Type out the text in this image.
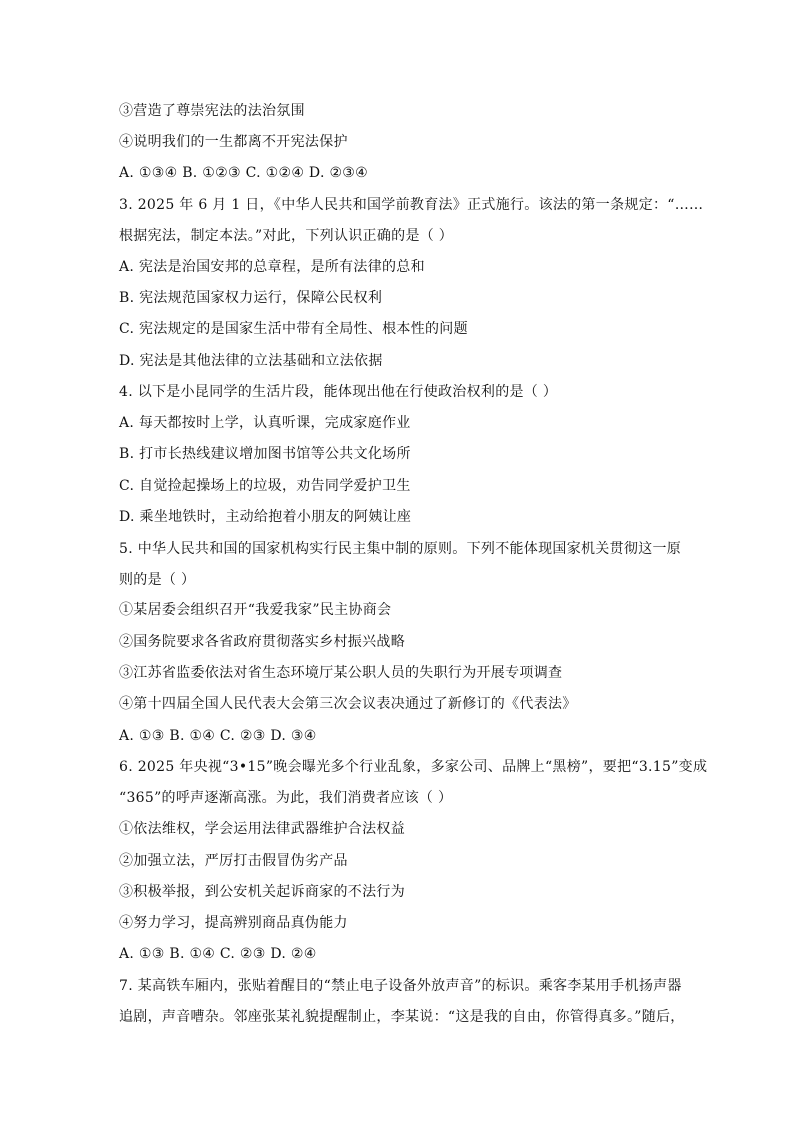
③营造了尊崇宪法的法治氛围
④说明我们的一生都离不开宪法保护
A. ①③④ B. ①②③ C. ①②④ D. ②③④
3. 2025 年 6 月 1 日，《中华人民共和国学前教育法》正式施行。该法的第一条规定：“……
根据宪法，制定本法。”对此，下列认识正确的是（ ）
A. 宪法是治国安邦的总章程，是所有法律的总和
B. 宪法规范国家权力运行，保障公民权利
C. 宪法规定的是国家生活中带有全局性、根本性的问题
D. 宪法是其他法律的立法基础和立法依据
4. 以下是小昆同学的生活片段，能体现出他在行使政治权利的是（ ）
A. 每天都按时上学，认真听课，完成家庭作业
B. 打市长热线建议增加图书馆等公共文化场所
C. 自觉捡起操场上的垃圾，劝告同学爱护卫生
D. 乘坐地铁时，主动给抱着小朋友的阿姨让座
5. 中华人民共和国的国家机构实行民主集中制的原则。下列不能体现国家机关贯彻这一原
则的是（ ）
①某居委会组织召开“我爱我家”民主协商会
②国务院要求各省政府贯彻落实乡村振兴战略
③江苏省监委依法对省生态环境厅某公职人员的失职行为开展专项调查
④第十四届全国人民代表大会第三次会议表决通过了新修订的《代表法》
A. ①③ B. ①④ C. ②③ D. ③④
6. 2025 年央视“3•15”晚会曝光多个行业乱象，多家公司、品牌上“黑榜”，要把“3.15”变成
“365”的呼声逐渐高涨。为此，我们消费者应该（ ）
①依法维权，学会运用法律武器维护合法权益
②加强立法，严厉打击假冒伪劣产品
③积极举报，到公安机关起诉商家的不法行为
④努力学习，提高辨别商品真伪能力
A. ①③ B. ①④ C. ②③ D. ②④
7. 某高铁车厢内，张贴着醒目的“禁止电子设备外放声音”的标识。乘客李某用手机扬声器
追剧，声音嘈杂。邻座张某礼貌提醒制止，李某说：“这是我的自由，你管得真多。”随后，
